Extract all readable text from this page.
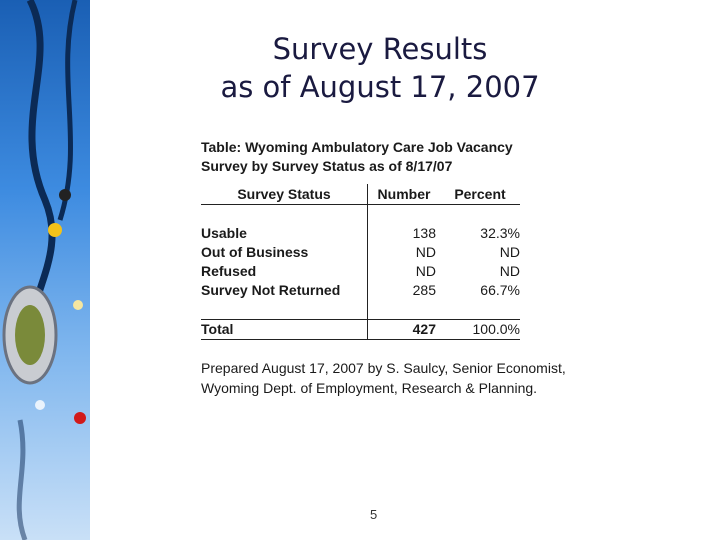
Survey Results
as of August 17, 2007
Table: Wyoming Ambulatory Care Job Vacancy
Survey by Survey Status as of 8/17/07
Survey Status	Number	Percent

Usable	138	32.3%
Out of Business	ND	ND
Refused	ND	ND
Survey Not Returned	285	66.7%

Total	427	100.0%
Prepared August 17, 2007 by S. Saulcy, Senior Economist, Wyoming Dept. of Employment, Research & Planning.
5
